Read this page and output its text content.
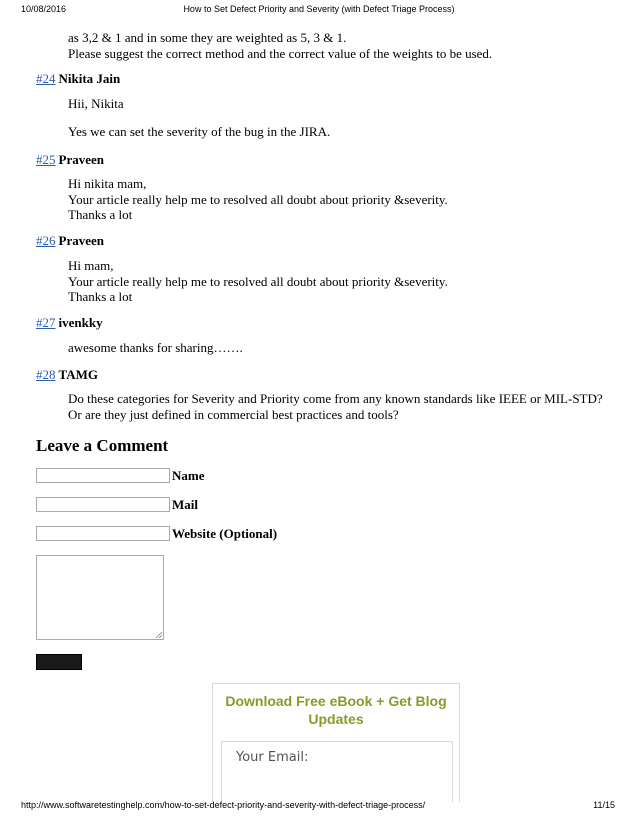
10/08/2016	How to Set Defect Priority and Severity (with Defect Triage Process)
as 3,2 & 1 and in some they are weighted as 5, 3 & 1.
Please suggest the correct method and the correct value of the weights to be used.
#24 Nikita Jain
Hii, Nikita
Yes we can set the severity of the bug in the JIRA.
#25 Praveen
Hi nikita mam,
Your article really help me to resolved all doubt about priority &severity.
Thanks a lot
#26 Praveen
Hi mam,
Your article really help me to resolved all doubt about priority &severity.
Thanks a lot
#27 ivenkky
awesome thanks for sharing…….
#28 TAMG
Do these categories for Severity and Priority come from any known standards like IEEE or MIL-STD? Or are they just defined in commercial best practices and tools?
Leave a Comment
Name
Mail
Website (Optional)
Download Free eBook + Get Blog Updates
Your Email:
http://www.softwaretestinghelp.com/how-to-set-defect-priority-and-severity-with-defect-triage-process/	11/15
